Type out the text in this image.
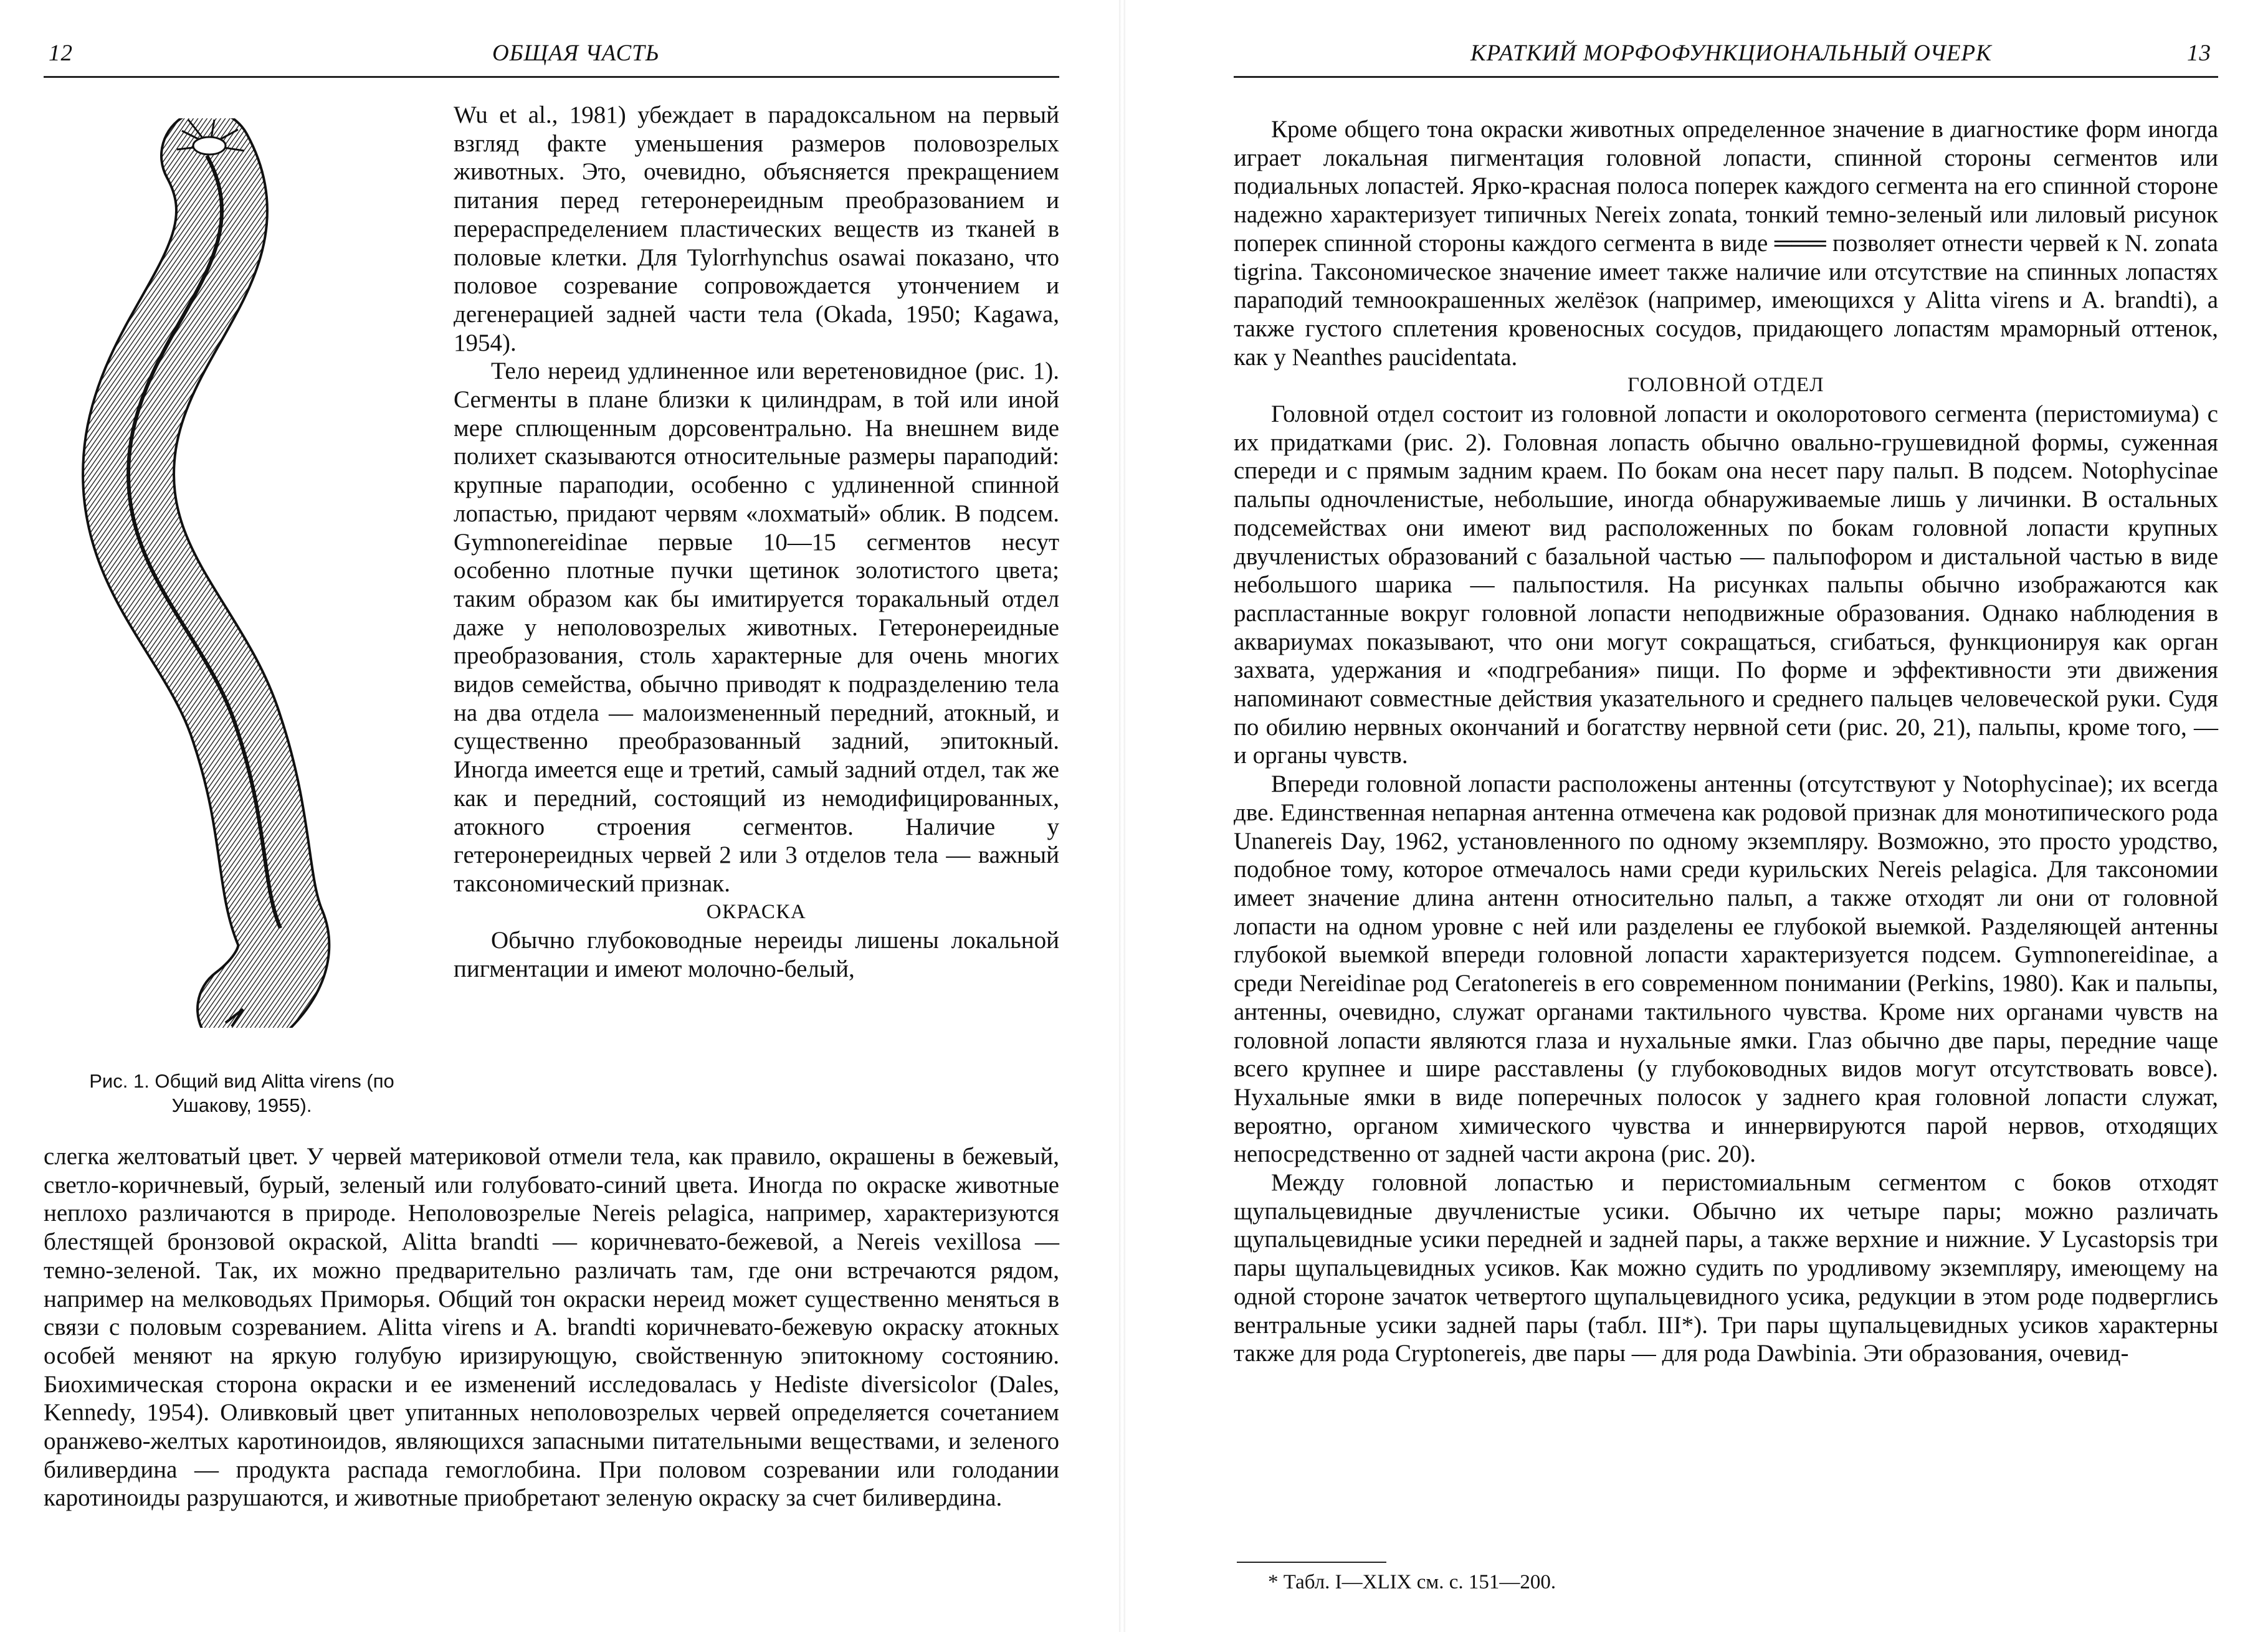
12	ОБЩАЯ ЧАСТЬ
Рис. 1. Общий вид Alitta virens (по Ушакову, 1955).

Wu et al., 1981) убеждает в парадоксальном на первый взгляд факте уменьшения размеров половозрелых животных. Это, очевидно, объясняется прекращением питания перед гетеронереидным преобразованием и перераспределением пластических веществ из тканей в половые клетки. Для Tylorrhynchus osawai показано, что половое созревание сопровождается утончением и дегенерацией задней части тела (Okada, 1950; Kagawa, 1954).

Тело нереид удлиненное или веретеновидное (рис. 1). Сегменты в плане близки к цилиндрам, в той или иной мере сплющенным дорсовентрально. На внешнем виде полихет сказываются относительные размеры параподий: крупные параподии, особенно с удлиненной спинной лопастью, придают червям «лохматый» облик. В подсем. Gymnonereidinae первые 10—15 сегментов несут особенно плотные пучки щетинок золотистого цвета; таким образом как бы имитируется торакальный отдел даже у неполовозрелых животных. Гетеронереидные преобразования, столь характерные для очень многих видов семейства, обычно приводят к подразделению тела на два отдела — малоизмененный передний, атокный, и существенно преобразованный задний, эпитокный. Иногда имеется еще и третий, самый задний отдел, так же как и передний, состоящий из немодифицированных, атокного строения сегментов. Наличие у гетеронереидных червей 2 или 3 отделов тела — важный таксономический признак.

ОКРАСКА

Обычно глубоководные нереиды лишены локальной пигментации и имеют молочно-белый,

слегка желтоватый цвет. У червей материковой отмели тела, как правило, окрашены в бежевый, светло-коричневый, бурый, зеленый или голубовато-синий цвета. Иногда по окраске животные неплохо различаются в природе. Неполовозрелые Nereis pelagica, например, характеризуются блестящей бронзовой окраской, Alitta brandti — коричневато-бежевой, a Nereis vexillosa — темно-зеленой. Так, их можно предварительно различать там, где они встречаются рядом, например на мелководьях Приморья. Общий тон окраски нереид может существенно меняться в связи с половым созреванием. Alitta virens и A. brandti коричневато-бежевую окраску атокных особей меняют на яркую голубую иризирующую, свойственную эпитокному состоянию. Биохимическая сторона окраски и ее изменений исследовалась у Hediste diversicolor (Dales, Kennedy, 1954). Оливковый цвет упитанных неполовозрелых червей определяется сочетанием оранжево-желтых каротиноидов, являющихся запасными питательными веществами, и зеленого биливердина — продукта распада гемоглобина. При половом созревании или голодании каротиноиды разрушаются, и животные приобретают зеленую окраску за счет биливердина.

КРАТКИЙ МОРФОФУНКЦИОНАЛЬНЫЙ ОЧЕРК	13

Кроме общего тона окраски животных определенное значение в диагностике форм иногда играет локальная пигментация головной лопасти, спинной стороны сегментов или подиальных лопастей. Ярко-красная полоса поперек каждого сегмента на его спинной стороне надежно характеризует типичных Nereix zonata, тонкий темно-зеленый или лиловый рисунок поперек спинной стороны каждого сегмента в виде ═══ позволяет отнести червей к N. zonata tigrina. Таксономическое значение имеет также наличие или отсутствие на спинных лопастях параподий темноокрашенных желёзок (например, имеющихся у Alitta virens и A. brandti), а также густого сплетения кровеносных сосудов, придающего лопастям мраморный оттенок, как у Neanthes paucidentata.

ГОЛОВНОЙ ОТДЕЛ

Головной отдел состоит из головной лопасти и околоротового сегмента (перистомиума) с их придатками (рис. 2). Головная лопасть обычно овально-грушевидной формы, суженная спереди и с прямым задним краем. По бокам она несет пару пальп. В подсем. Notophycinae пальпы одночленистые, небольшие, иногда обнаруживаемые лишь у личинки. В остальных подсемействах они имеют вид расположенных по бокам головной лопасти крупных двучленистых образований с базальной частью — пальпофором и дистальной частью в виде небольшого шарика — пальпостиля. На рисунках пальпы обычно изображаются как распластанные вокруг головной лопасти неподвижные образования. Однако наблюдения в аквариумах показывают, что они могут сокращаться, сгибаться, функционируя как орган захвата, удержания и «подгребания» пищи. По форме и эффективности эти движения напоминают совместные действия указательного и среднего пальцев человеческой руки. Судя по обилию нервных окончаний и богатству нервной сети (рис. 20, 21), пальпы, кроме того, — и органы чувств.

Впереди головной лопасти расположены антенны (отсутствуют у Notophycinae); их всегда две. Единственная непарная антенна отмечена как родовой признак для монотипического рода Unanereis Day, 1962, установленного по одному экземпляру. Возможно, это просто уродство, подобное тому, которое отмечалось нами среди курильских Nereis pelagica. Для таксономии имеет значение длина антенн относительно пальп, а также отходят ли они от головной лопасти на одном уровне с ней или разделены ее глубокой выемкой. Разделяющей антенны глубокой выемкой впереди головной лопасти характеризуется подсем. Gymnonereidinae, а среди Nereidinae род Ceratonereis в его современном понимании (Perkins, 1980). Как и пальпы, антенны, очевидно, служат органами тактильного чувства. Кроме них органами чувств на головной лопасти являются глаза и нухальные ямки. Глаз обычно две пары, передние чаще всего крупнее и шире расставлены (у глубоководных видов могут отсутствовать вовсе). Нухальные ямки в виде поперечных полосок у заднего края головной лопасти служат, вероятно, органом химического чувства и иннервируются парой нервов, отходящих непосредственно от задней части акрона (рис. 20).

Между головной лопастью и перистомиальным сегментом с боков отходят щупальцевидные двучленистые усики. Обычно их четыре пары; можно различать щупальцевидные усики передней и задней пары, а также верхние и нижние. У Lycastopsis три пары щупальцевидных усиков. Как можно судить по уродливому экземпляру, имеющему на одной стороне зачаток четвертого щупальцевидного усика, редукции в этом роде подверглись вентральные усики задней пары (табл. III*). Три пары щупальцевидных усиков характерны также для рода Cryptonereis, две пары — для рода Dawbinia. Эти образования, очевид-

* Табл. I—XLIX см. с. 151—200.
